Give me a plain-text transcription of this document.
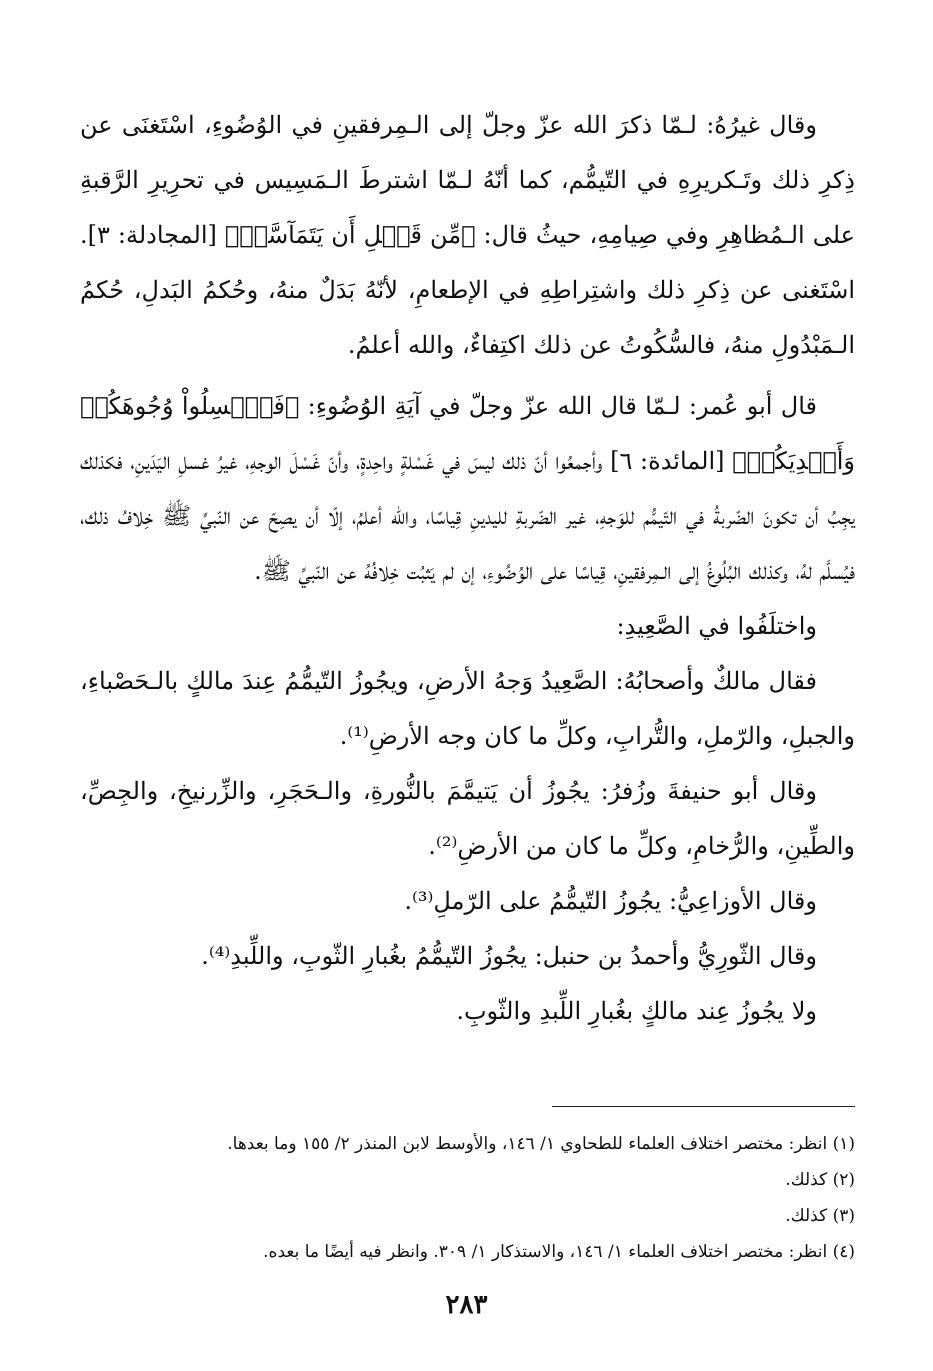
وقال غيرُهُ: لـمّا ذكرَ الله عزّ وجلّ إلى الـمِرفقينِ في الوُضُوءِ، اسْتَغنَى عن ذِكرِ ذلك وتَـكريرِهِ في التّيمُّم، كما أنّهُ لـمّا اشترطَ الـمَسِيس في تحرِيرِ الرَّقبةِ على الـمُظاهِرِ وفي صِيامِهِ، حيثُ قال: ﴿مِّن قَبۡلِ أَن يَتَمَآسَّاۚ﴾ [المجادلة: ٣]. اسْتَغنى عن ذِكرِ ذلك واشتِراطِهِ في الإطعامِ، لأنّهُ بَدَلٌ منهُ، وحُكمُ البَدلِ، حُكمُ الـمَبْدُولِ منهُ، فالسُّكُوتُ عن ذلك اكتِفاءٌ، والله أعلمُ.

قال أبو عُمر: لـمّا قال الله عزّ وجلّ في آيَةِ الوُضُوءِ: ﴿فَٱغۡسِلُواْ وُجُوهَكُمۡ وَأَيۡدِيَكُمۡ﴾ [المائدة: ٦] وأجمعُوا أنّ ذلك ليسَ في غَسْلةٍ واحِدةٍ، وأنّ غَسْلَ الوجهِ، غيرُ غسلِ اليَدَينِ، فكذلك يجِبُ أن تكونَ الضّربةُ في التّيمُّم للوَجهِ، غير الضّربةِ لليدينِ قِياسًا، والله أعلمُ، إلّا أن يصِحّ عن النّبيِّ ﷺ خِلافُ ذلك، فيُسلَّم لهُ، وكذلك البُلُوغُ إلى الـمِرفقينِ، قِياسًا على الوُضُوءِ، إن لم يَثبُت خِلافُهُ عن النّبيِّ ﷺ.

واختلَفُوا في الصَّعِيدِ:

فقال مالكٌ وأصحابُهُ: الصَّعِيدُ وَجهُ الأرضِ، ويجُوزُ التّيمُّمُ عِندَ مالكٍ بالـحَصْباءِ، والجبلِ، والرّملِ، والتُّرابِ، وكلِّ ما كان وجه الأرضِ⁽¹⁾.

وقال أبو حنيفةَ وزُفرُ: يجُوزُ أن يَتيمَّمَ بالنُّورةِ، والـحَجَرِ، والزِّرنيخِ، والجِصِّ، والطِّينِ، والرُّخامِ، وكلِّ ما كان من الأرضِ⁽²⁾.

وقال الأوزاعِيُّ: يجُوزُ التّيمُّمُ على الرّملِ⁽³⁾.

وقال الثّورِيُّ وأحمدُ بن حنبل: يجُوزُ التّيمُّمُ بغُبارِ الثّوبِ، واللِّبدِ⁽⁴⁾.

ولا يجُوزُ عِند مالكٍ بغُبارِ اللِّبدِ والثّوبِ.

(١) انظر: مختصر اختلاف العلماء للطحاوي ١/ ١٤٦، والأوسط لابن المنذر ٢/ ١٥٥ وما بعدها.
(٢) كذلك.
(٣) كذلك.
(٤) انظر: مختصر اختلاف العلماء ١/ ١٤٦، والاستذكار ١/ ٣٠٩. وانظر فيه أيضًا ما بعده.
٢٨٣
